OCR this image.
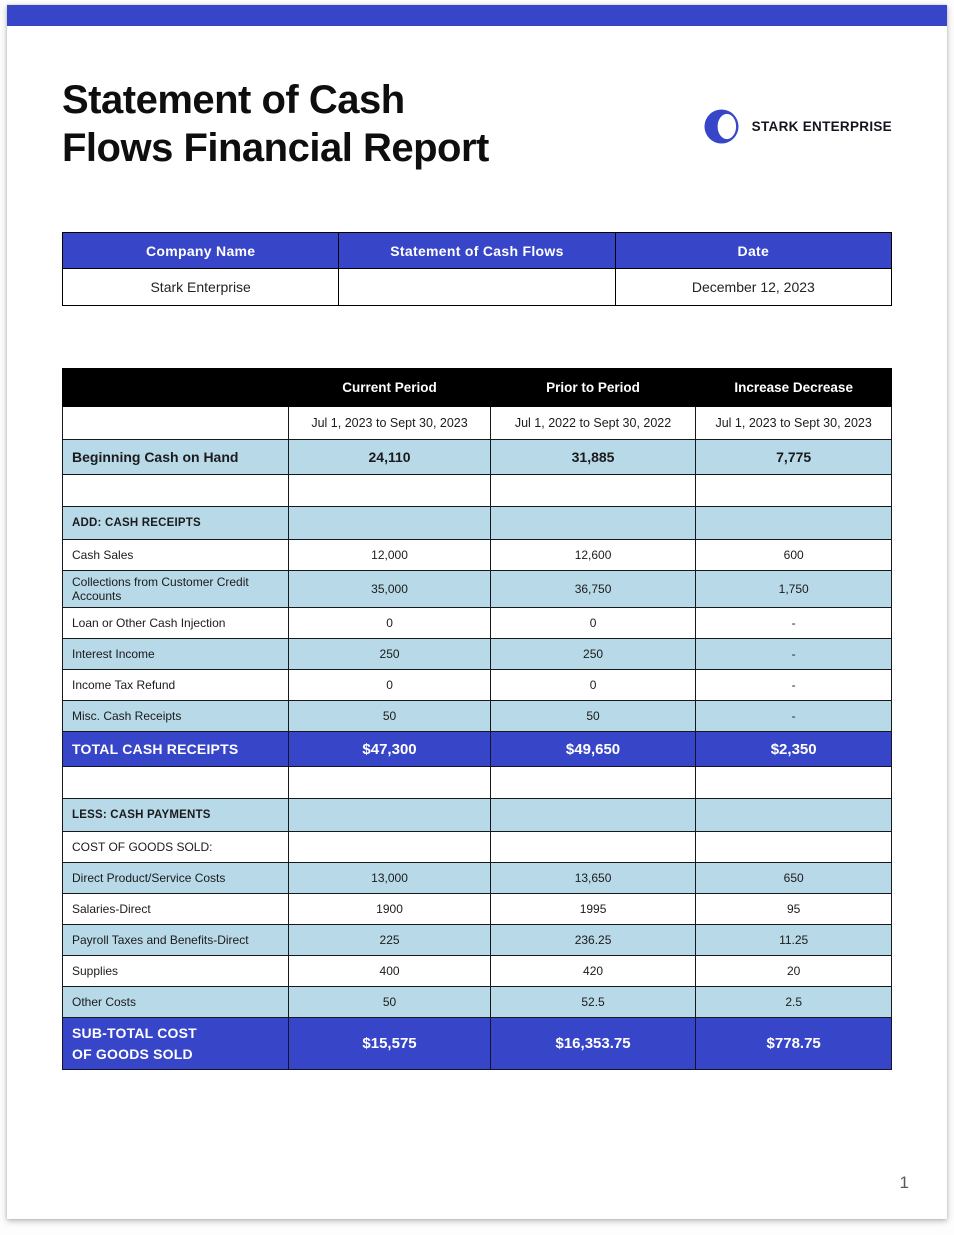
Statement of Cash
Flows Financial Report	STARK ENTERPRISE
Company Name	Statement of Cash Flows	Date
Stark Enterprise		December 12, 2023
	Current Period	Prior to Period	Increase Decrease
	Jul 1, 2023 to Sept 30, 2023	Jul 1, 2022 to Sept 30, 2022	Jul 1, 2023 to Sept 30, 2023
Beginning Cash on Hand	24,110	31,885	7,775

ADD: CASH RECEIPTS			
Cash Sales	12,000	12,600	600
Collections from Customer Credit Accounts	35,000	36,750	1,750
Loan or Other Cash Injection	0	0	-
Interest Income	250	250	-
Income Tax Refund	0	0	-
Misc. Cash Receipts	50	50	-
TOTAL CASH RECEIPTS	$47,300	$49,650	$2,350

LESS: CASH PAYMENTS			
COST OF GOODS SOLD:			
Direct Product/Service Costs	13,000	13,650	650
Salaries-Direct	1900	1995	95
Payroll Taxes and Benefits-Direct	225	236.25	11.25
Supplies	400	420	20
Other Costs	50	52.5	2.5
SUB-TOTAL COST OF GOODS SOLD	$15,575	$16,353.75	$778.75
1
